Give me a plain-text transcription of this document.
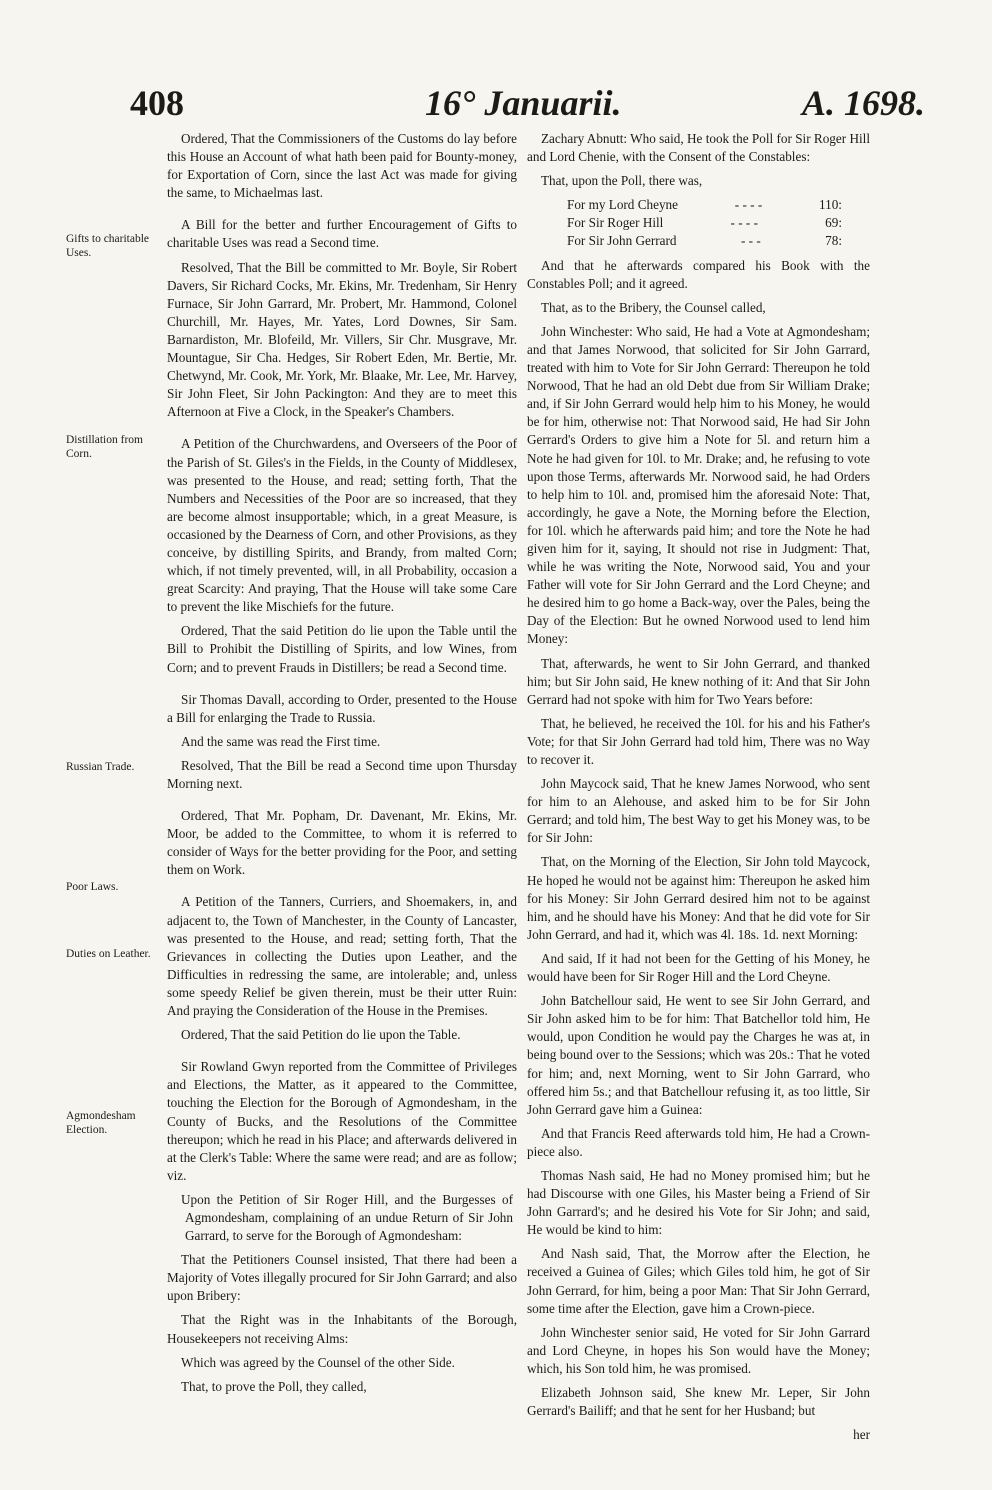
408	16° Januarii.	A. 1698.
Gifts to charitable Uses.
Distillation from Corn.
Russian Trade.
Poor Laws.
Duties on Leather.
Agmondesham Election.

Ordered, That the Commissioners of the Customs do lay before this House an Account of what hath been paid for Bounty-money, for Exportation of Corn, since the last Act was made for giving the same, to Michaelmas last.

A Bill for the better and further Encouragement of Gifts to charitable Uses was read a Second time.

Resolved, That the Bill be committed to Mr. Boyle, Sir Robert Davers, Sir Richard Cocks, Mr. Ekins, Mr. Tredenham, Sir Henry Furnace, Sir John Garrard, Mr. Probert, Mr. Hammond, Colonel Churchill, Mr. Hayes, Mr. Yates, Lord Downes, Sir Sam. Barnardiston, Mr. Blofeild, Mr. Villers, Sir Chr. Musgrave, Mr. Mountague, Sir Cha. Hedges, Sir Robert Eden, Mr. Bertie, Mr. Chetwynd, Mr. Cook, Mr. York, Mr. Blaake, Mr. Lee, Mr. Harvey, Sir John Fleet, Sir John Packington: And they are to meet this Afternoon at Five a Clock, in the Speaker's Chambers.

A Petition of the Churchwardens, and Overseers of the Poor of the Parish of St. Giles's in the Fields, in the County of Middlesex, was presented to the House, and read; setting forth, That the Numbers and Necessities of the Poor are so increased, that they are become almost insupportable; which, in a great Measure, is occasioned by the Dearness of Corn, and other Provisions, as they conceive, by distilling Spirits, and Brandy, from malted Corn; which, if not timely prevented, will, in all Probability, occasion a great Scarcity: And praying, That the House will take some Care to prevent the like Mischiefs for the future.

Ordered, That the said Petition do lie upon the Table until the Bill to Prohibit the Distilling of Spirits, and low Wines, from Corn; and to prevent Frauds in Distillers; be read a Second time.

Sir Thomas Davall, according to Order, presented to the House a Bill for enlarging the Trade to Russia.

And the same was read the First time.

Resolved, That the Bill be read a Second time upon Thursday Morning next.

Ordered, That Mr. Popham, Dr. Davenant, Mr. Ekins, Mr. Moor, be added to the Committee, to whom it is referred to consider of Ways for the better providing for the Poor, and setting them on Work.

A Petition of the Tanners, Curriers, and Shoemakers, in, and adjacent to, the Town of Manchester, in the County of Lancaster, was presented to the House, and read; setting forth, That the Grievances in collecting the Duties upon Leather, and the Difficulties in redressing the same, are intolerable; and, unless some speedy Relief be given therein, must be their utter Ruin: And praying the Consideration of the House in the Premises.

Ordered, That the said Petition do lie upon the Table.

Sir Rowland Gwyn reported from the Committee of Privileges and Elections, the Matter, as it appeared to the Committee, touching the Election for the Borough of Agmondesham, in the County of Bucks, and the Resolutions of the Committee thereupon; which he read in his Place; and afterwards delivered in at the Clerk's Table: Where the same were read; and are as follow; viz.

Upon the Petition of Sir Roger Hill, and the Burgesses of Agmondesham, complaining of an undue Return of Sir John Garrard, to serve for the Borough of Agmondesham:

That the Petitioners Counsel insisted, That there had been a Majority of Votes illegally procured for Sir John Garrard; and also upon Bribery:

That the Right was in the Inhabitants of the Borough, Housekeepers not receiving Alms:

Which was agreed by the Counsel of the other Side.

That, to prove the Poll, they called,

Zachary Abnutt: Who said, He took the Poll for Sir Roger Hill and Lord Chenie, with the Consent of the Constables:

That, upon the Poll, there was,

For my Lord Cheyne	- - - -	110:
For Sir Roger Hill	- - - -	69:
For Sir John Gerrard	- - -	78:

And that he afterwards compared his Book with the Constables Poll; and it agreed.

That, as to the Bribery, the Counsel called,

John Winchester: Who said, He had a Vote at Agmondesham; and that James Norwood, that solicited for Sir John Garrard, treated with him to Vote for Sir John Gerrard: Thereupon he told Norwood, That he had an old Debt due from Sir William Drake; and, if Sir John Gerrard would help him to his Money, he would be for him, otherwise not: That Norwood said, He had Sir John Gerrard's Orders to give him a Note for 5l. and return him a Note he had given for 10l. to Mr. Drake; and, he refusing to vote upon those Terms, afterwards Mr. Norwood said, he had Orders to help him to 10l. and, promised him the aforesaid Note: That, accordingly, he gave a Note, the Morning before the Election, for 10l. which he afterwards paid him; and tore the Note he had given him for it, saying, It should not rise in Judgment: That, while he was writing the Note, Norwood said, You and your Father will vote for Sir John Gerrard and the Lord Cheyne; and he desired him to go home a Back-way, over the Pales, being the Day of the Election: But he owned Norwood used to lend him Money:

That, afterwards, he went to Sir John Gerrard, and thanked him; but Sir John said, He knew nothing of it: And that Sir John Gerrard had not spoke with him for Two Years before:

That, he believed, he received the 10l. for his and his Father's Vote; for that Sir John Gerrard had told him, There was no Way to recover it.

John Maycock said, That he knew James Norwood, who sent for him to an Alehouse, and asked him to be for Sir John Gerrard; and told him, The best Way to get his Money was, to be for Sir John:

That, on the Morning of the Election, Sir John told Maycock, He hoped he would not be against him: Thereupon he asked him for his Money: Sir John Gerrard desired him not to be against him, and he should have his Money: And that he did vote for Sir John Gerrard, and had it, which was 4l. 18s. 1d. next Morning:

And said, If it had not been for the Getting of his Money, he would have been for Sir Roger Hill and the Lord Cheyne.

John Batchellour said, He went to see Sir John Gerrard, and Sir John asked him to be for him: That Batchellor told him, He would, upon Condition he would pay the Charges he was at, in being bound over to the Sessions; which was 20s.: That he voted for him; and, next Morning, went to Sir John Garrard, who offered him 5s.; and that Batchellour refusing it, as too little, Sir John Gerrard gave him a Guinea:

And that Francis Reed afterwards told him, He had a Crown-piece also.

Thomas Nash said, He had no Money promised him; but he had Discourse with one Giles, his Master being a Friend of Sir John Garrard's; and he desired his Vote for Sir John; and said, He would be kind to him:

And Nash said, That, the Morrow after the Election, he received a Guinea of Giles; which Giles told him, he got of Sir John Gerrard, for him, being a poor Man: That Sir John Gerrard, some time after the Election, gave him a Crown-piece.

John Winchester senior said, He voted for Sir John Garrard and Lord Cheyne, in hopes his Son would have the Money; which, his Son told him, he was promised.

Elizabeth Johnson said, She knew Mr. Leper, Sir John Gerrard's Bailiff; and that he sent for her Husband; but

her
